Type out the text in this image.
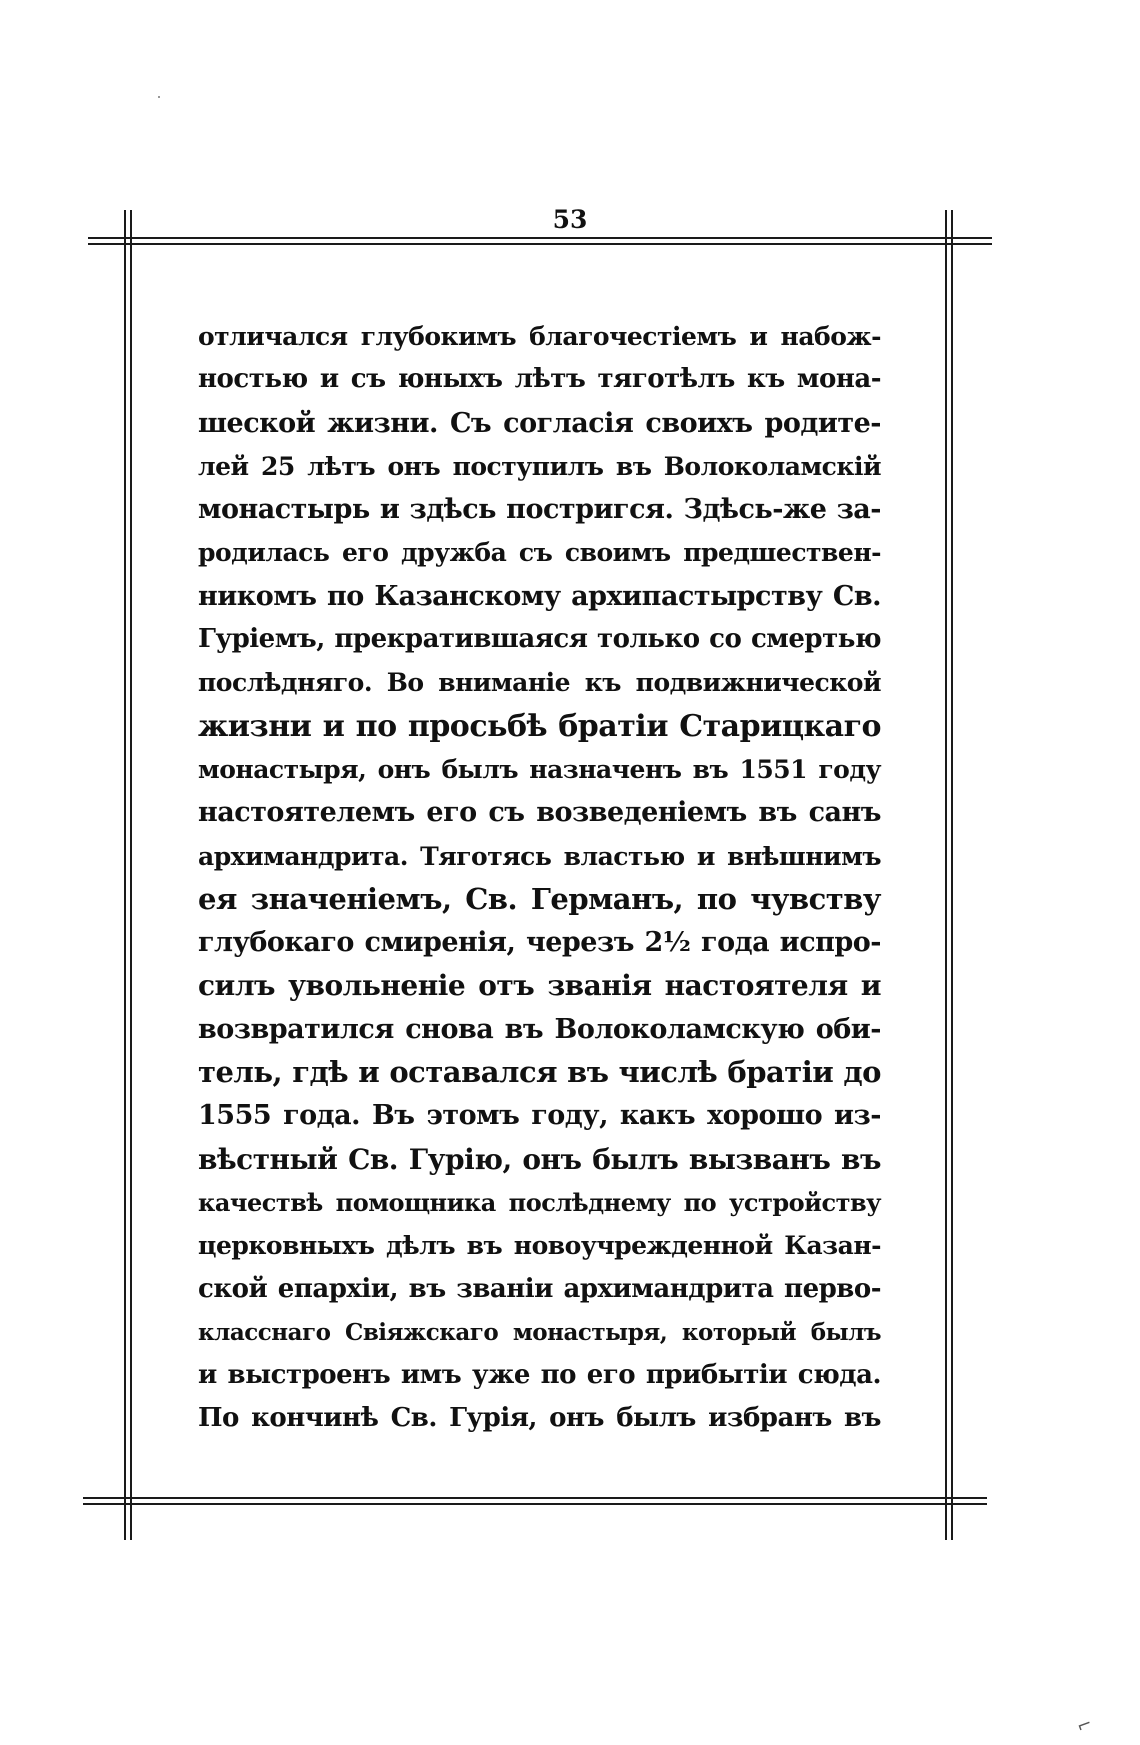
53
отличался глубокимъ благочестіемъ и набож-
ностью и съ юныхъ лѣтъ тяготѣлъ къ мона-
шеской жизни. Съ согласія своихъ родите-
лей 25 лѣтъ онъ поступилъ въ Волоколамскій
монастырь и здѣсь постригся. Здѣсь-же за-
родилась его дружба съ своимъ предшествен-
никомъ по Казанскому архипастырству Св.
Гуріемъ, прекратившаяся только со смертью
послѣдняго. Во вниманіе къ подвижнической
жизни и по просьбѣ братіи Старицкаго
монастыря, онъ былъ назначенъ въ 1551 году
настоятелемъ его съ возведеніемъ въ санъ
архимандрита. Тяготясь властью и внѣшнимъ
ея значеніемъ, Св. Германъ, по чувству
глубокаго смиренія, черезъ 2½ года испро-
силъ увольненіе отъ званія настоятеля и
возвратился снова въ Волоколамскую оби-
тель, гдѣ и оставался въ числѣ братіи до
1555 года. Въ этомъ году, какъ хорошо из-
вѣстный Св. Гурію, онъ былъ вызванъ въ
качествѣ помощника послѣднему по устройству
церковныхъ дѣлъ въ новоучрежденной Казан-
ской епархіи, въ званіи архимандрита перво-
класснаго Свіяжскаго монастыря, который былъ
и выстроенъ имъ уже по его прибытіи сюда.
По кончинѣ Св. Гурія, онъ былъ избранъ въ
⌐
